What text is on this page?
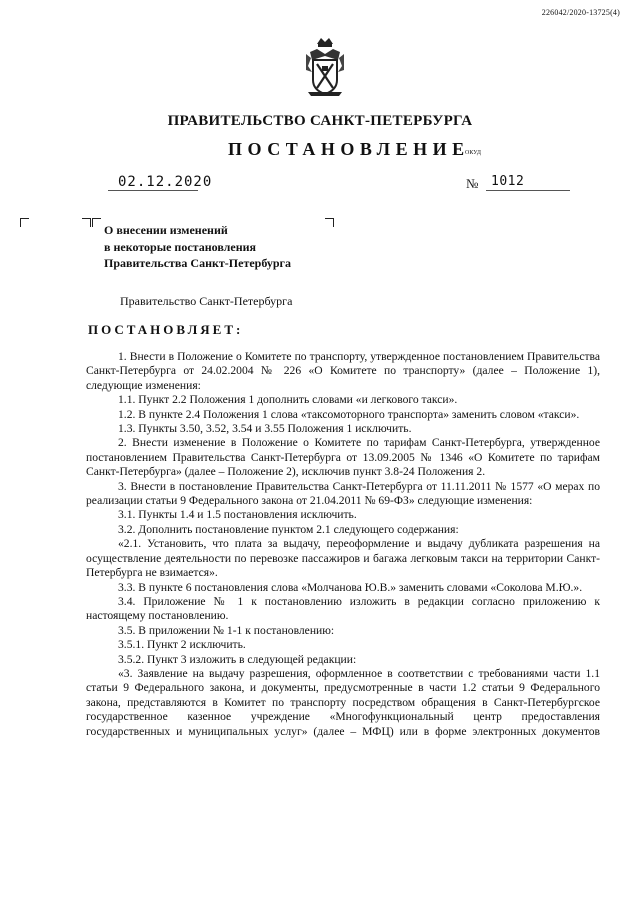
226042/2020-13725(4)
ПРАВИТЕЛЬСТВО САНКТ-ПЕТЕРБУРГА
ПОСТАНОВЛЕНИЕ
ОКУД
02.12.2020	№ 1012
О внесении изменений
в некоторые постановления
Правительства Санкт-Петербурга
Правительство Санкт-Петербурга
ПОСТАНОВЛЯЕТ:

1. Внести в Положение о Комитете по транспорту, утвержденное постановлением Правительства Санкт-Петербурга от 24.02.2004 № 226 «О Комитете по транспорту» (далее – Положение 1), следующие изменения:

1.1. Пункт 2.2 Положения 1 дополнить словами «и легкового такси».

1.2. В пункте 2.4 Положения 1 слова «таксомоторного транспорта» заменить словом «такси».

1.3. Пункты 3.50, 3.52, 3.54 и 3.55 Положения 1 исключить.

2. Внести изменение в Положение о Комитете по тарифам Санкт-Петербурга, утвержденное постановлением Правительства Санкт-Петербурга от 13.09.2005 № 1346 «О Комитете по тарифам Санкт-Петербурга» (далее – Положение 2), исключив пункт 3.8-24 Положения 2.

3. Внести в постановление Правительства Санкт-Петербурга от 11.11.2011 № 1577 «О мерах по реализации статьи 9 Федерального закона от 21.04.2011 № 69-ФЗ» следующие изменения:

3.1. Пункты 1.4 и 1.5 постановления исключить.

3.2. Дополнить постановление пунктом 2.1 следующего содержания:

«2.1. Установить, что плата за выдачу, переоформление и выдачу дубликата разрешения на осуществление деятельности по перевозке пассажиров и багажа легковым такси на территории Санкт-Петербурга не взимается».

3.3. В пункте 6 постановления слова «Молчанова Ю.В.» заменить словами «Соколова М.Ю.».

3.4. Приложение № 1 к постановлению изложить в редакции согласно приложению к настоящему постановлению.

3.5. В приложении № 1-1 к постановлению:

3.5.1. Пункт 2 исключить.

3.5.2. Пункт 3 изложить в следующей редакции:

«3. Заявление на выдачу разрешения, оформленное в соответствии с требованиями части 1.1 статьи 9 Федерального закона, и документы, предусмотренные в части 1.2 статьи 9 Федерального закона, представляются в Комитет по транспорту посредством обращения в Санкт-Петербургское государственное казенное учреждение «Многофункциональный центр предоставления государственных и муниципальных услуг» (далее – МФЦ) или в форме электронных документов
